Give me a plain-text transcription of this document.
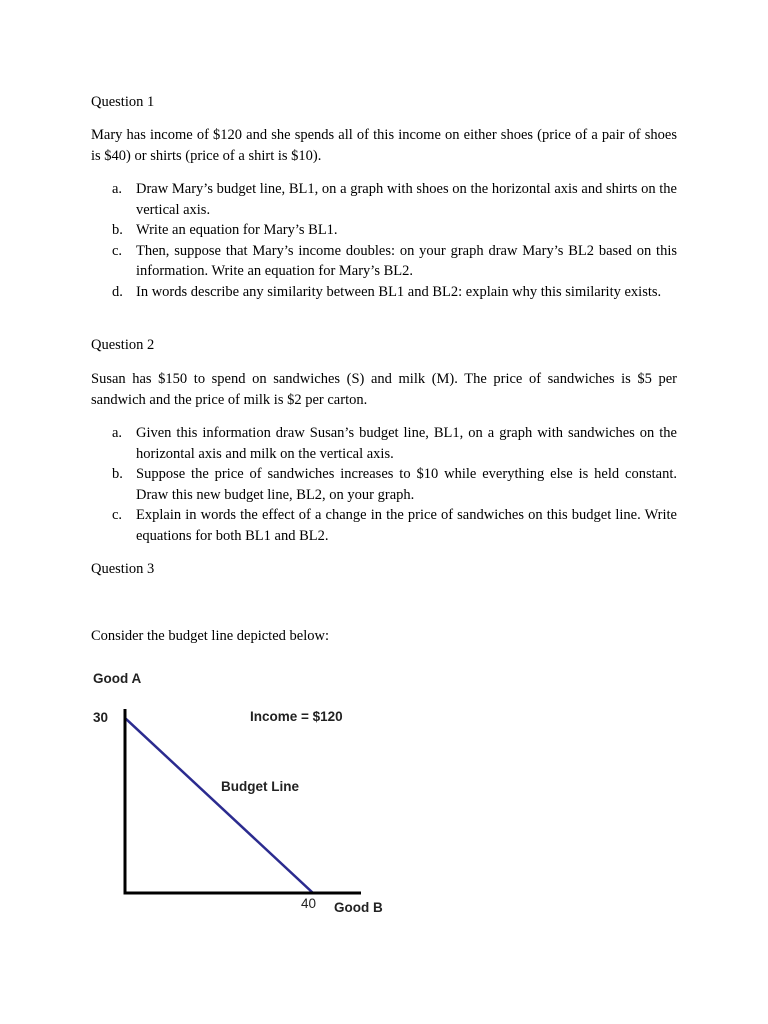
Question 1
Mary has income of $120 and she spends all of this income on either shoes (price of a pair of shoes is $40) or shirts (price of a shirt is $10).
a. Draw Mary’s budget line, BL1, on a graph with shoes on the horizontal axis and shirts on the vertical axis.
b. Write an equation for Mary’s BL1.
c. Then, suppose that Mary’s income doubles: on your graph draw Mary’s BL2 based on this information. Write an equation for Mary’s BL2.
d. In words describe any similarity between BL1 and BL2: explain why this similarity exists.
Question 2
Susan has $150 to spend on sandwiches (S) and milk (M). The price of sandwiches is $5 per sandwich and the price of milk is $2 per carton.
a. Given this information draw Susan’s budget line, BL1, on a graph with sandwiches on the horizontal axis and milk on the vertical axis.
b. Suppose the price of sandwiches increases to $10 while everything else is held constant. Draw this new budget line, BL2, on your graph.
c. Explain in words the effect of a change in the price of sandwiches on this budget line. Write equations for both BL1 and BL2.
Question 3
Consider the budget line depicted below:
Good A
30	Income = $120
Budget Line
40 Good B
